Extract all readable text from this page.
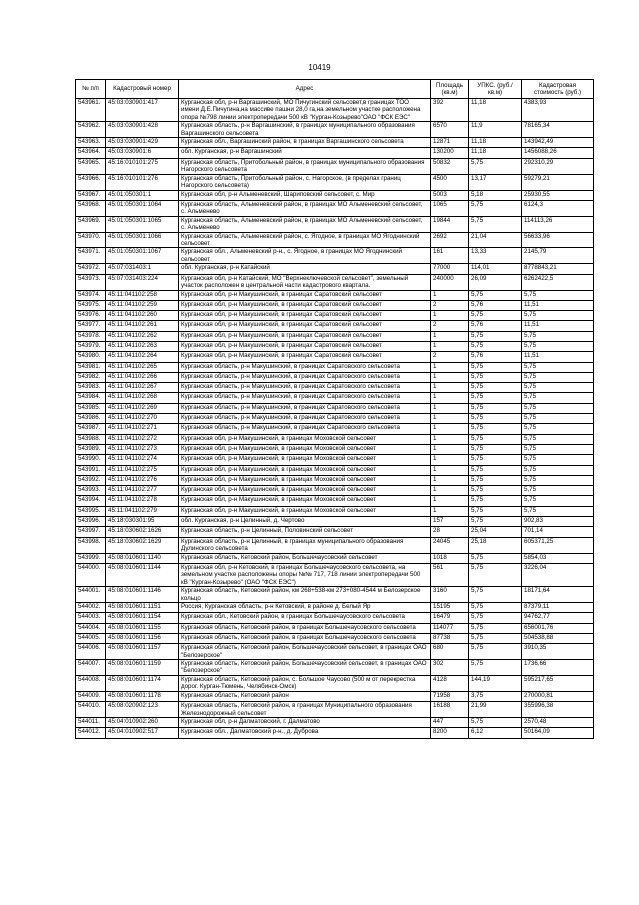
10419
№ п/п	Кадастровый номер	Адрес	Площадь (кв.м)	УПКС. (руб./кв.м)	Кадастровая стоимость (руб.)
543961.	45:03:030901:417	Курганская обл, р-н Варгашинский, МО Пичугинский сельсовет,в границах ТОО имени Д.Е.Пичугина,на массиве пашни 28,0 га,на земельном участке расположена опора №798 линии электропередачи 500 кВ "Курган-Козырево"ОАО "ФСК ЕЭС"	392	11,18	4383,93
543962.	45:03:030901:428	Курганская область, р-н Варгашинский, в границах муниципального образования Варгашинского сельсовета	6570	11,9	78165,34
543963.	45:03:030901:429	Курганская обл., Варгашинский район, в границах Варгашинского сельсовета	12871	11,18	143942,49
543964.	45:03:030901:6	обл. Курганская, р-н Варгашинский	130200	11,18	1456088,26
543965.	45:16:010101:275	Курганская область, Притобольный район, в границах муниципального образования Нагорского сельсовета	50832	5,75	292310,29
543966.	45:16:010101:276	Курганская область, Притобольный район, с. Нагорское, (в пределах границ Нагорского сельсовета)	4500	13,17	59279,21
543967.	45:01:050301:1	Курганская обл, р-н Альменевский, Шариповский сельсовет, с. Мир	5003	5,18	25930,55
543968.	45:01:050301:1064	Курганская область, Альменевский район, в границах МО Альменевский сельсовет, с. Альменево	1065	5,75	6124,3
543969.	45:01:050301:1065	Курганская область, Альменевский район, в границах МО Альменевский сельсовет, с. Альменево	19844	5,75	114113,26
543970.	45:01:050301:1066	Курганская область, Альменевский район, с. Ягодное, в границах МО Ягоднинский сельсовет	2692	21,04	56633,96
543971.	45:01:050301:1067	Курганская обл., Альменевский р-н., с. Ягодное, в границах МО Ягоднинский сельсовет	161	13,33	2145,79
543972.	45:07:031403:1	обл. Курганская, р-н Катайский	77000	114,01	8778843,21
543973.	45:07:031403:224	Курганская обл, р-н Катайский, МО "Верхнеключевской сельсовет", земельный участок расположен в центральной части кадастрового квартала.	240000	26,09	6262422,5
543974.	45:11:041102:258	Курганская обл, р-н Макушинский, в границах Саратовский сельсовет	1	5,75	5,75
543975.	45:11:041102:259	Курганская обл, р-н Макушинский, в границах Саратовский сельсовет	2	5,76	11,51
543976.	45:11:041102:260	Курганская обл, р-н Макушинский, в границах Саратовский сельсовет	1	5,75	5,75
543977.	45:11:041102:261	Курганская обл, р-н Макушинский, в границах Саратовский сельсовет	2	5,76	11,51
543978.	45:11:041102:262	Курганская обл, р-н Макушинский, в границах Саратовский сельсовет	1	5,75	5,75
543979.	45:11:041102:263	Курганская обл, р-н Макушинский, в границах Саратовский сельсовет	1	5,75	5,75
543980.	45:11:041102:264	Курганская обл, р-н Макушинский, в границах Саратовский сельсовет	2	5,76	11,51
543981.	45:11:041102:265	Курганская область, р-н Макушинский, в границах Саратовского сельсовета	1	5,75	5,75
543982.	45:11:041102:266	Курганская область, р-н Макушинский, в границах Саратовского сельсовета	1	5,75	5,75
543983.	45:11:041102:267	Курганская область, р-н Макушинский, в границах Саратовского сельсовета	1	5,75	5,75
543984.	45:11:041102:268	Курганская область, р-н Макушинский, в границах Саратовского сельсовета	1	5,75	5,75
543985.	45:11:041102:269	Курганская область, р-н Макушинский, в границах Саратовского сельсовета	1	5,75	5,75
543986.	45:11:041102:270	Курганская область, р-н Макушинский, в границах Саратовского сельсовета	1	5,75	5,75
543987.	45:11:041102:271	Курганская область, р-н Макушинский, в границах Саратовского сельсовета	1	5,75	5,75
543988.	45:11:041102:272	Курганская обл, р-н Макушинский, в границах Моховской сельсовет	1	5,75	5,75
543989.	45:11:041102:273	Курганская обл, р-н Макушинский, в границах Моховской сельсовет	1	5,75	5,75
543990.	45:11:041102:274	Курганская обл, р-н Макушинский, в границах Моховской сельсовет	1	5,75	5,75
543991.	45:11:041102:275	Курганская обл, р-н Макушинский, в границах Моховской сельсовет	1	5,75	5,75
543992.	45:11:041102:276	Курганская обл, р-н Макушинский, в границах Моховской сельсовет	1	5,75	5,75
543993.	45:11:041102:277	Курганская обл, р-н Макушинский, в границах Моховской сельсовет	1	5,75	5,75
543994.	45:11:041102:278	Курганская обл, р-н Макушинский, в границах Моховской сельсовет	1	5,75	5,75
543995.	45:11:041102:279	Курганская обл, р-н Макушинский, в границах Моховской сельсовет	1	5,75	5,75
543996.	45:18:030301:95	обл. Курганская, р-н Целинный, д. Чертово	157	5,75	902,83
543997.	45:18:030602:1626	Курганская область, р-н Целинный, Половинский сельсовет	28	25,04	701,14
543998.	45:18:030602:1629	Курганская область, р-н Целинный, в границах муниципального образования Дулинского сельсовета	24045	25,18	605371,25
543999.	45:08:010601:1140	Курганская область, Кетовский район, Большечаусовский сельсовет	1018	5,75	5854,03
544000.	45:08:010601:1144	Курганская обл, р-н Кетовский, в границах Большечаусовского сельсовета, на земельном участке расположены опоры №№ 717, 718 линии электропередачи 500 кВ "Курган-Козырево" (ОАО "ФСК ЕЭС")	561	5,75	3226,04
544001.	45:08:010601:1146	Курганская область, Кетовский район, км 268+538-км 273+080-4544 м Белозерское кольцо	3160	5,75	18171,64
544002.	45:08:010601:1151	Россия, Курганская область, р-н Кетовский, в районе д. Белый Яр	15195	5,75	87379,11
544003.	45:08:010601:1154	Курганская обл., Кетовский район, в границах Большечаусовского сельсовета	16479	5,75	94762,77
544004.	45:08:010601:1155	Курганская область, Кетовский район, в границах Большечаусовского сельсовета	114077	5,75	656001,76
544005.	45:08:010601:1156	Курганская область, Кетовский район, в границах Большечаусовского сельсовета	87738	5,75	504538,88
544006.	45:08:010601:1157	Курганская область, Кетовский район, Большечаусовский сельсовет, в границах ОАО "Белозерское"	680	5,75	3910,35
544007.	45:08:010601:1159	Курганская область, Кетовский район, Большечаусовский сельсовет, в границах ОАО "Белозерское"	302	5,75	1736,66
544008.	45:08:010601:1174	Курганская область, Кетовский район, с. Большое Чаусово (500 м от перекрестка дорог. Курган-Тюмень, Челябинск-Омск)	4128	144,19	595217,65
544009.	45:08:010601:1178	Курганская область, Кетовский район	71958	3,75	270000,81
544010.	45:08:020902:123	Курганская область, Кетовский район, в границах Муниципального образования Железнодорожный сельсовет	16188	21,99	355996,38
544011.	45:04:010902:260	Курганская обл, р-н Далматовский, г. Далматово	447	5,75	2570,48
544012.	45:04:010902:517	Курганская обл., Далматовский р-н., д. Дуброва	8200	6,12	50164,09
